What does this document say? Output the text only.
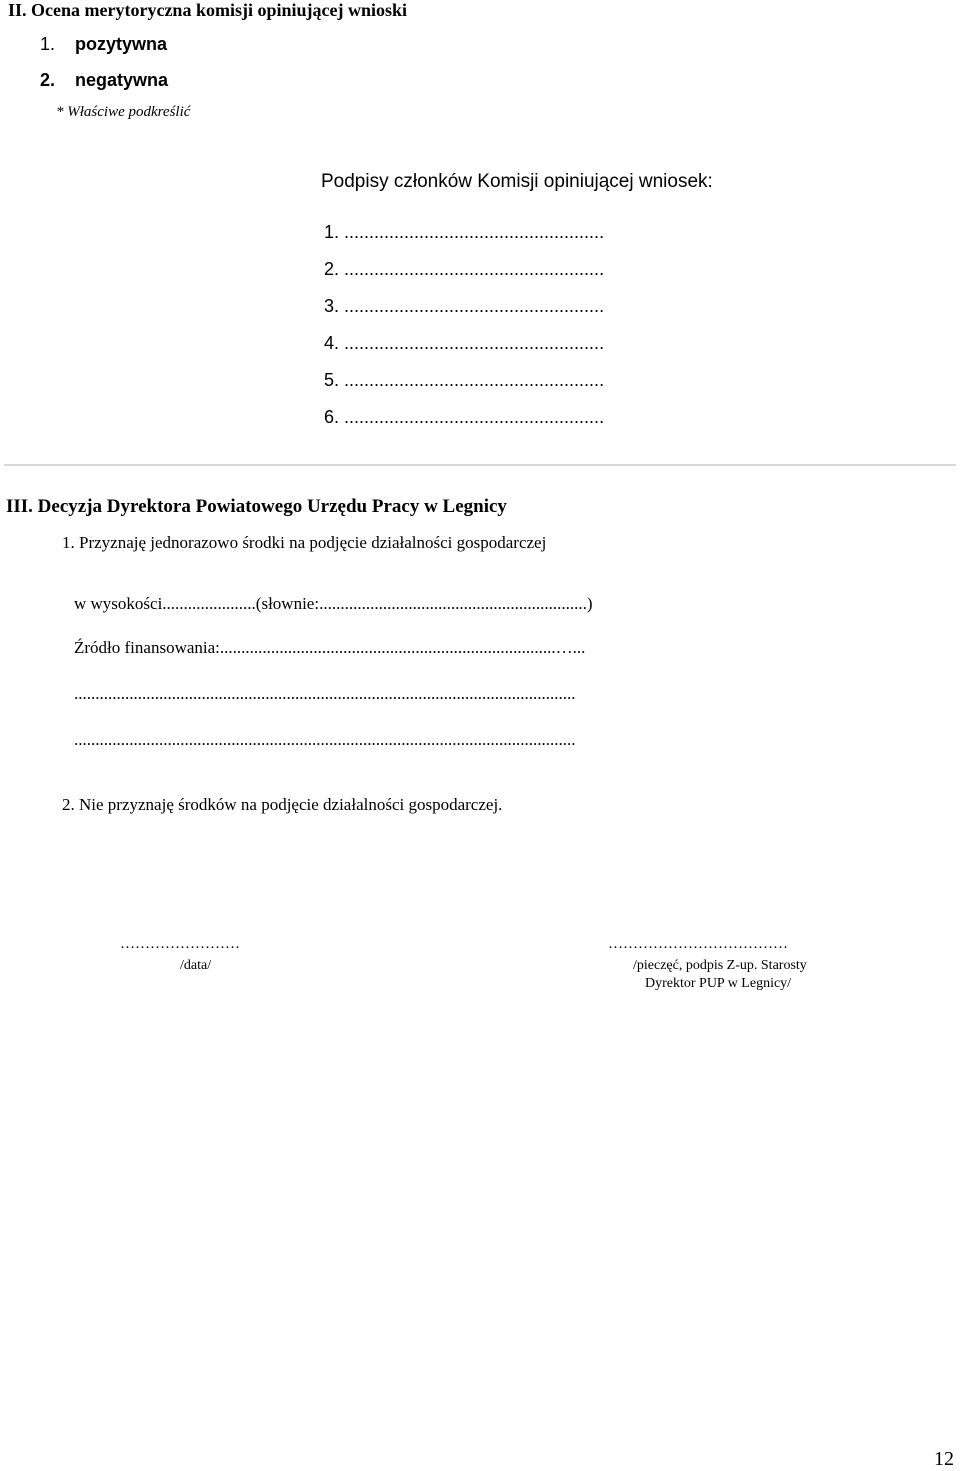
II. Ocena merytoryczna komisji opiniującej wnioski
1. pozytywna
2. negatywna
* Właściwe podkreślić
Podpisy członków Komisji opiniującej wniosek:
1. ....................................................
2. ....................................................
3. ....................................................
4. ....................................................
5. ....................................................
6. ....................................................
III. Decyzja Dyrektora Powiatowego Urzędu Pracy w Legnicy
1. Przyznaję jednorazowo środki na podjęcie działalności gospodarczej
w wysokości......................(słownie:...............................................................)
Źródło finansowania:...............................................................................…...
......................................................................................................................
......................................................................................................................
2. Nie przyznaję środków na podjęcie działalności gospodarczej.
……………………
/data/
………………………………
/pieczęć, podpis Z-up. Starosty
Dyrektor PUP w Legnicy/
12
